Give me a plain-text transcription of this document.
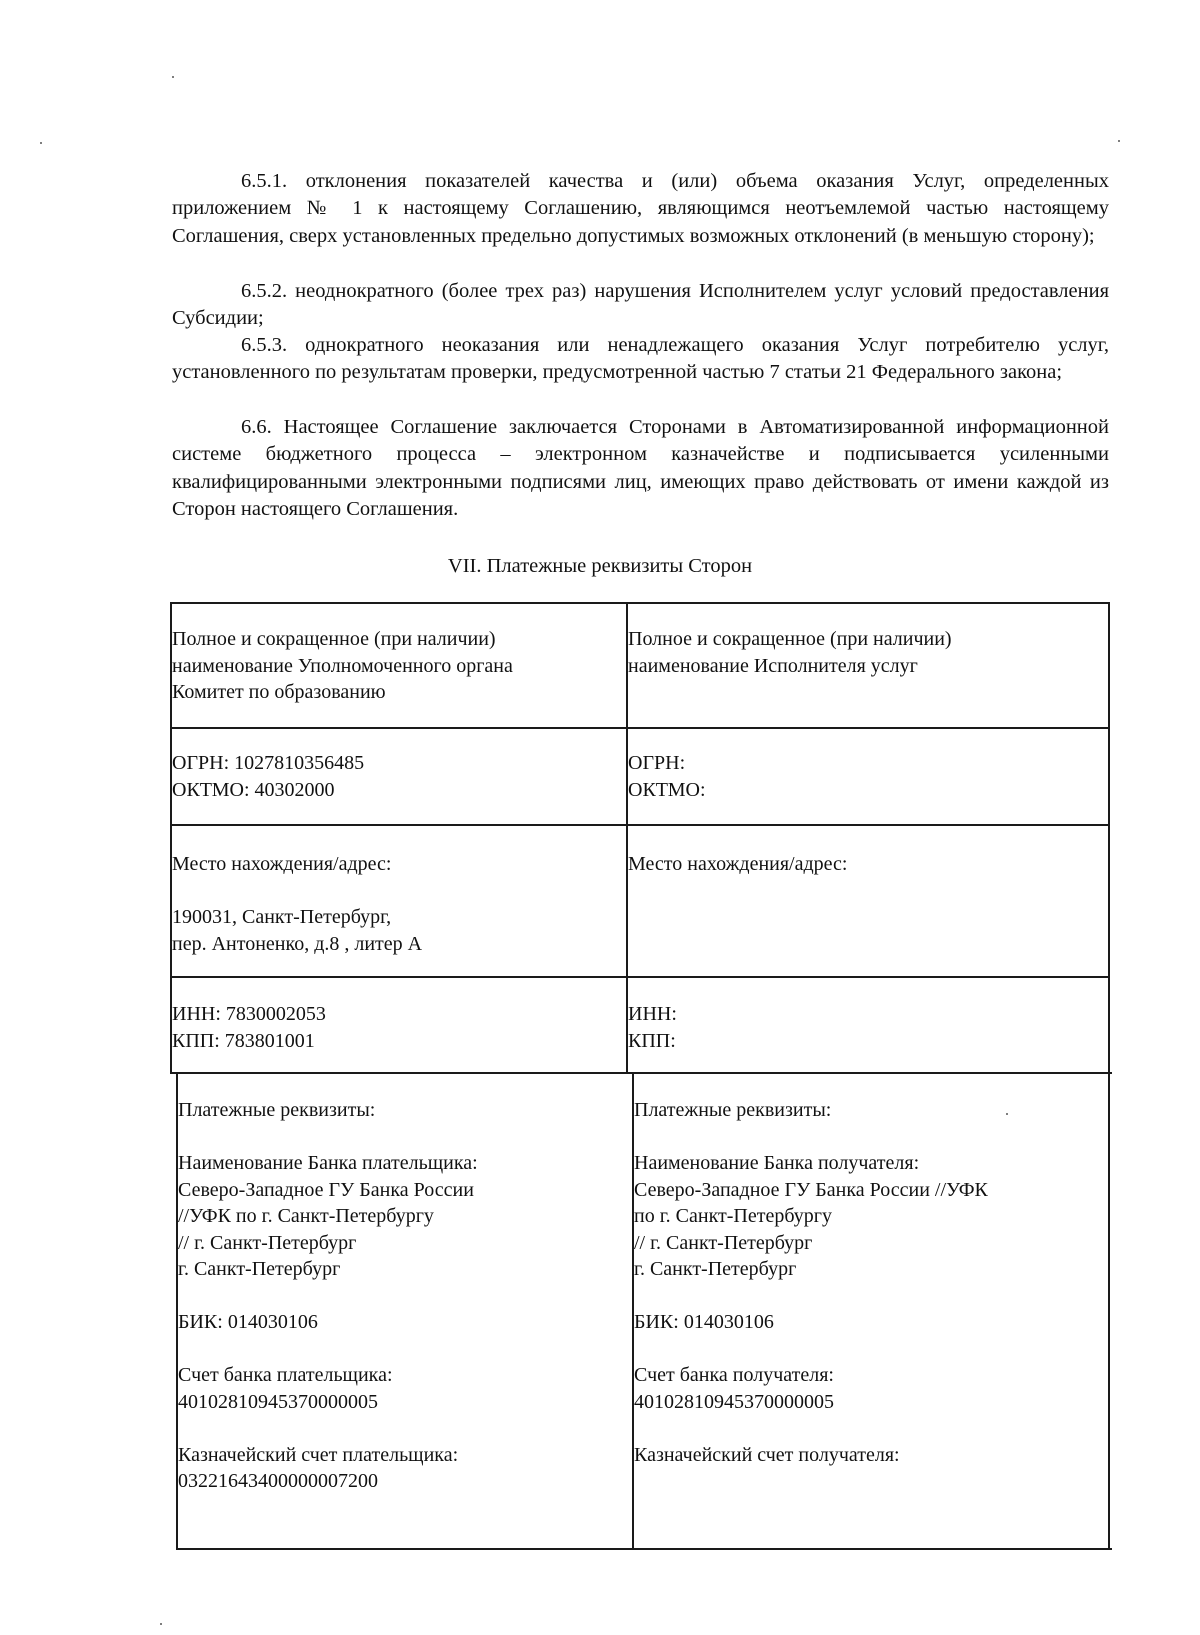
6.5.1. отклонения показателей качества и (или) объема оказания Услуг, определенных приложением № 1 к настоящему Соглашению, являющимся неотъемлемой частью настоящему Соглашения, сверх установленных предельно допустимых возможных отклонений (в меньшую сторону);

6.5.2. неоднократного (более трех раз) нарушения Исполнителем услуг условий предоставления Субсидии;

6.5.3. однократного неоказания или ненадлежащего оказания Услуг потребителю услуг, установленного по результатам проверки, предусмотренной частью 7 статьи 21 Федерального закона;

6.6. Настоящее Соглашение заключается Сторонами в Автоматизированной информационной системе бюджетного процесса – электронном казначействе и подписывается усиленными квалифицированными электронными подписями лиц, имеющих право действовать от имени каждой из Сторон настоящего Соглашения.

VII. Платежные реквизиты Сторон

Полное и сокращенное (при наличии)
наименование Уполномоченного органа
Комитет по образованию

Полное и сокращенное (при наличии)
наименование Исполнителя услуг

ОГРН: 1027810356485
ОКТМО: 40302000

ОГРН:
ОКТМО:

Место нахождения/адрес:

190031, Санкт-Петербург,
пер. Антоненко, д.8 , литер А

Место нахождения/адрес:

ИНН: 7830002053
КПП: 783801001

ИНН:
КПП:

Платежные реквизиты:

Наименование Банка плательщика:
Северо-Западное ГУ Банка России
//УФК по г. Санкт-Петербургу
// г. Санкт-Петербург
г. Санкт-Петербург

БИК: 014030106

Счет банка плательщика:
40102810945370000005

Казначейский счет плательщика:
03221643400000007200

Платежные реквизиты:

Наименование Банка получателя:
Северо-Западное ГУ Банка России //УФК
по г. Санкт-Петербургу
// г. Санкт-Петербург
г. Санкт-Петербург

БИК: 014030106

Счет банка получателя:
40102810945370000005

Казначейский счет получателя:
